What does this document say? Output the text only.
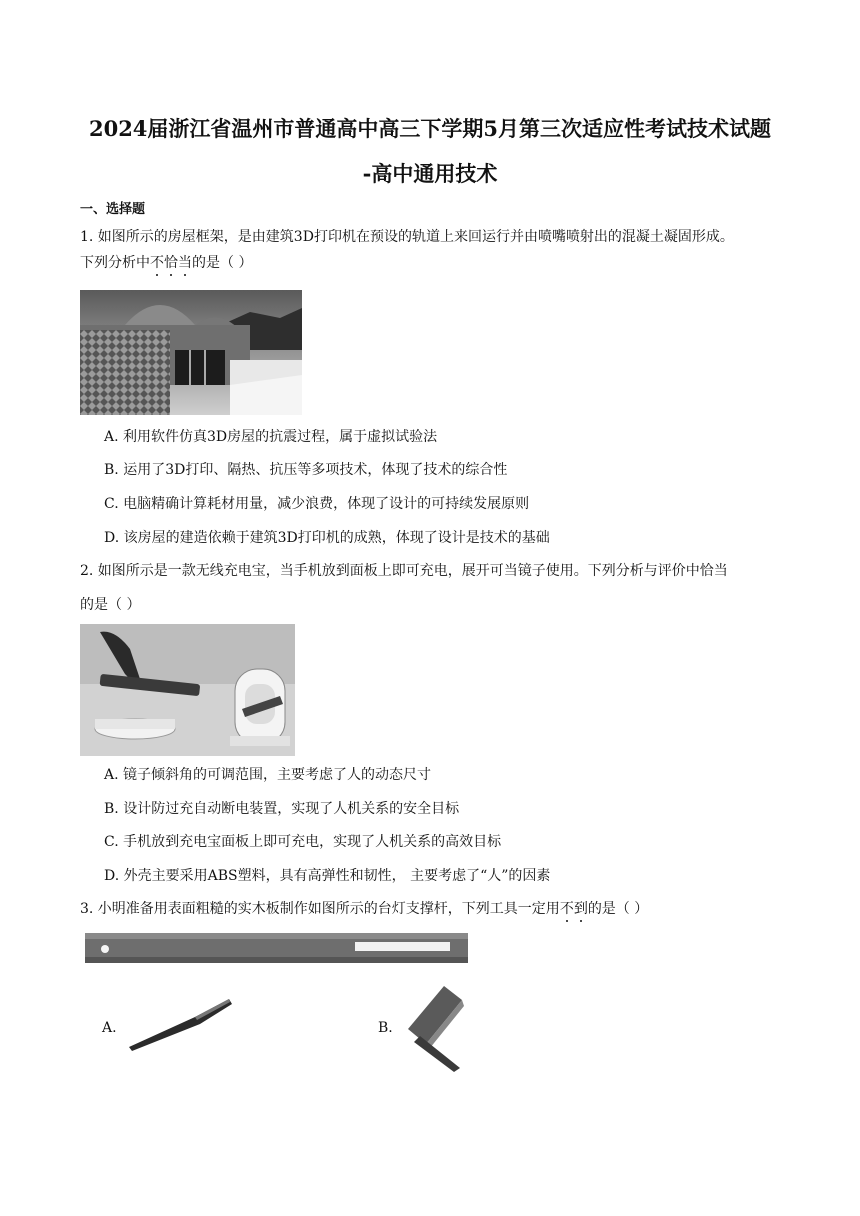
2024届浙江省温州市普通高中高三下学期5月第三次适应性考试技术试题
-高中通用技术
一、选择题
1. 如图所示的房屋框架，是由建筑3D打印机在预设的轨道上来回运行并由喷嘴喷射出的混凝土凝固形成。
下列分析中不恰当的是（ ）
A. 利用软件仿真3D房屋的抗震过程，属于虚拟试验法
B. 运用了3D打印、隔热、抗压等多项技术，体现了技术的综合性
C. 电脑精确计算耗材用量，减少浪费，体现了设计的可持续发展原则
D. 该房屋的建造依赖于建筑3D打印机的成熟，体现了设计是技术的基础
2. 如图所示是一款无线充电宝，当手机放到面板上即可充电，展开可当镜子使用。下列分析与评价中恰当
的是（ ）
A. 镜子倾斜角的可调范围，主要考虑了人的动态尺寸
B. 设计防过充自动断电装置，实现了人机关系的安全目标
C. 手机放到充电宝面板上即可充电，实现了人机关系的高效目标
D. 外壳主要采用ABS塑料，具有高弹性和韧性， 主要考虑了“人”的因素
3. 小明准备用表面粗糙的实木板制作如图所示的台灯支撑杆，下列工具一定用不到的是（ ）
A.	B.
